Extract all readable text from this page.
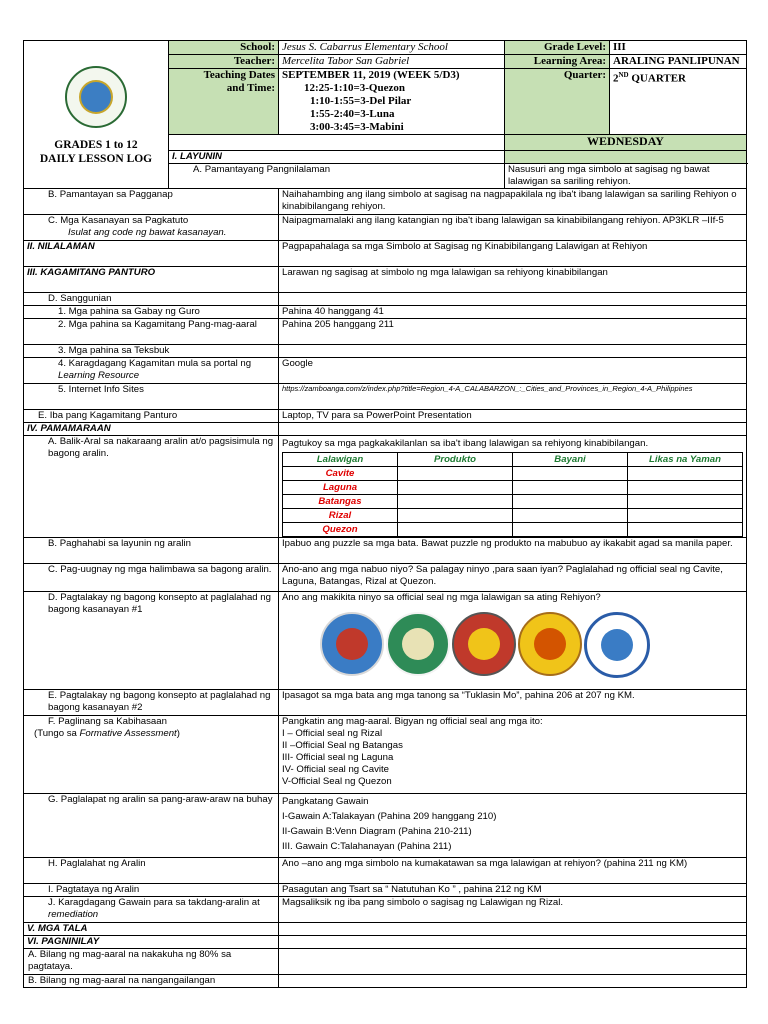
GRADES 1 to 12
DAILY LESSON LOG
	School:	Jesus S. Cabarrus Elementary School	Grade Level:	III
Teacher:	Mercelita Tabor San Gabriel	Learning Area:	ARALING PANLIPUNAN

Teaching Dates
and Time:

SEPTEMBER 11, 2019 (WEEK 5/D3)
12:25-1:10=3-Quezon
1:10-1:55=3-Del Pilar
1:55-2:40=3-Luna
3:00-3:45=3-Mabini
	Quarter:	2ND QUARTER
	WEDNESDAY
I. LAYUNIN	
A. Pamantayang Pangnilalaman	Nasusuri ang mga simbolo at sagisag ng bawat lalawigan sa sariling rehiyon.
B. Pamantayan sa Pagganap	Naihahambing ang ilang simbolo at sagisag na nagpapakilala ng iba't ibang lalawigan sa sariling Rehiyon o kinabibilangang rehiyon.

C. Mga Kasanayan sa Pagkatuto
Isulat ang code ng bawat kasanayan.
	Naipagmamalaki ang ilang katangian ng iba't ibang lalawigan sa kinabibilangang rehiyon. AP3KLR –IIf-5
II. NILALAMAN	Pagpapahalaga sa mga Simbolo at Sagisag ng Kinabibilangang Lalawigan at Rehiyon
III. KAGAMITANG PANTURO	Larawan ng sagisag at simbolo ng mga lalawigan sa rehiyong kinabibilangan
D. Sanggunian	
1. Mga pahina sa Gabay ng Guro	Pahina 40 hanggang 41
2. Mga pahina sa Kagamitang Pang-mag-aaral	Pahina 205 hanggang 211
3. Mga pahina sa Teksbuk	
4. Karagdagang Kagamitan mula sa portal ng Learning Resource	Google
5. Internet Info Sites	https://zamboanga.com/z/index.php?title=Region_4-A_CALABARZON_:_Cities_and_Provinces_in_Region_4-A_Philippines
E. Iba pang Kagamitang Panturo	Laptop, TV para sa PowerPoint Presentation
IV. PAMAMARAAN	
A. Balik-Aral sa nakaraang aralin at/o pagsisimula ng bagong aralin.	
Pagtukoy sa mga pagkakakilanlan sa iba't ibang lalawigan sa rehiyong kinabibilangan.
Lalawigan	Produkto	Bayani	Likas na Yaman
Cavite			
Laguna			
Batangas			
Rizal			
Quezon			

B. Paghahabi sa layunin ng aralin	Ipabuo ang puzzle sa mga bata. Bawat puzzle ng produkto na mabubuo ay ikakabit agad sa manila paper.
C. Pag-uugnay ng mga halimbawa sa bagong aralin.	Ano-ano ang mga nabuo niyo? Sa palagay ninyo ,para saan iyan? Paglalahad ng official seal ng Cavite, Laguna, Batangas, Rizal at Quezon.
D. Pagtalakay ng bagong konsepto at paglalahad ng bagong kasanayan #1	
Ano ang makikita ninyo sa official seal ng mga lalawigan sa ating Rehiyon?

E. Pagtalakay ng bagong konsepto at paglalahad ng bagong kasanayan #2	Ipasagot sa mga bata ang mga tanong sa “Tuklasin Mo”, pahina 206 at 207 ng KM.

F. Paglinang sa Kabihasaan
(Tungo sa Formative Assessment)

Pangkatin ang mag-aaral. Bigyan ng official seal ang mga ito:
I – Official seal ng Rizal
II –Official Seal ng Batangas
III- Official seal ng Laguna
IV- Official seal ng Cavite
V-Official Seal ng Quezon

G. Paglalapat ng aralin sa pang-araw-araw na buhay	Pangkatang Gawain
I-Gawain A:Talakayan (Pahina 209 hanggang 210)
II-Gawain B:Venn Diagram (Pahina 210-211)
III. Gawain C:Talahanayan (Pahina 211)

H. Paglalahat ng Aralin	Ano –ano ang mga simbolo na kumakatawan sa mga lalawigan at rehiyon? (pahina 211 ng KM)
I. Pagtataya ng Aralin	Pasagutan ang Tsart sa “ Natutuhan Ko ” , pahina 212 ng KM
J. Karagdagang Gawain para sa takdang-aralin at remediation	Magsaliksik ng iba pang simbolo o sagisag ng Lalawigan ng Rizal.
V. MGA TALA	
VI. PAGNINILAY	
A. Bilang ng mag-aaral na nakakuha ng 80% sa pagtataya.	
B. Bilang ng mag-aaral na nangangailangan	
